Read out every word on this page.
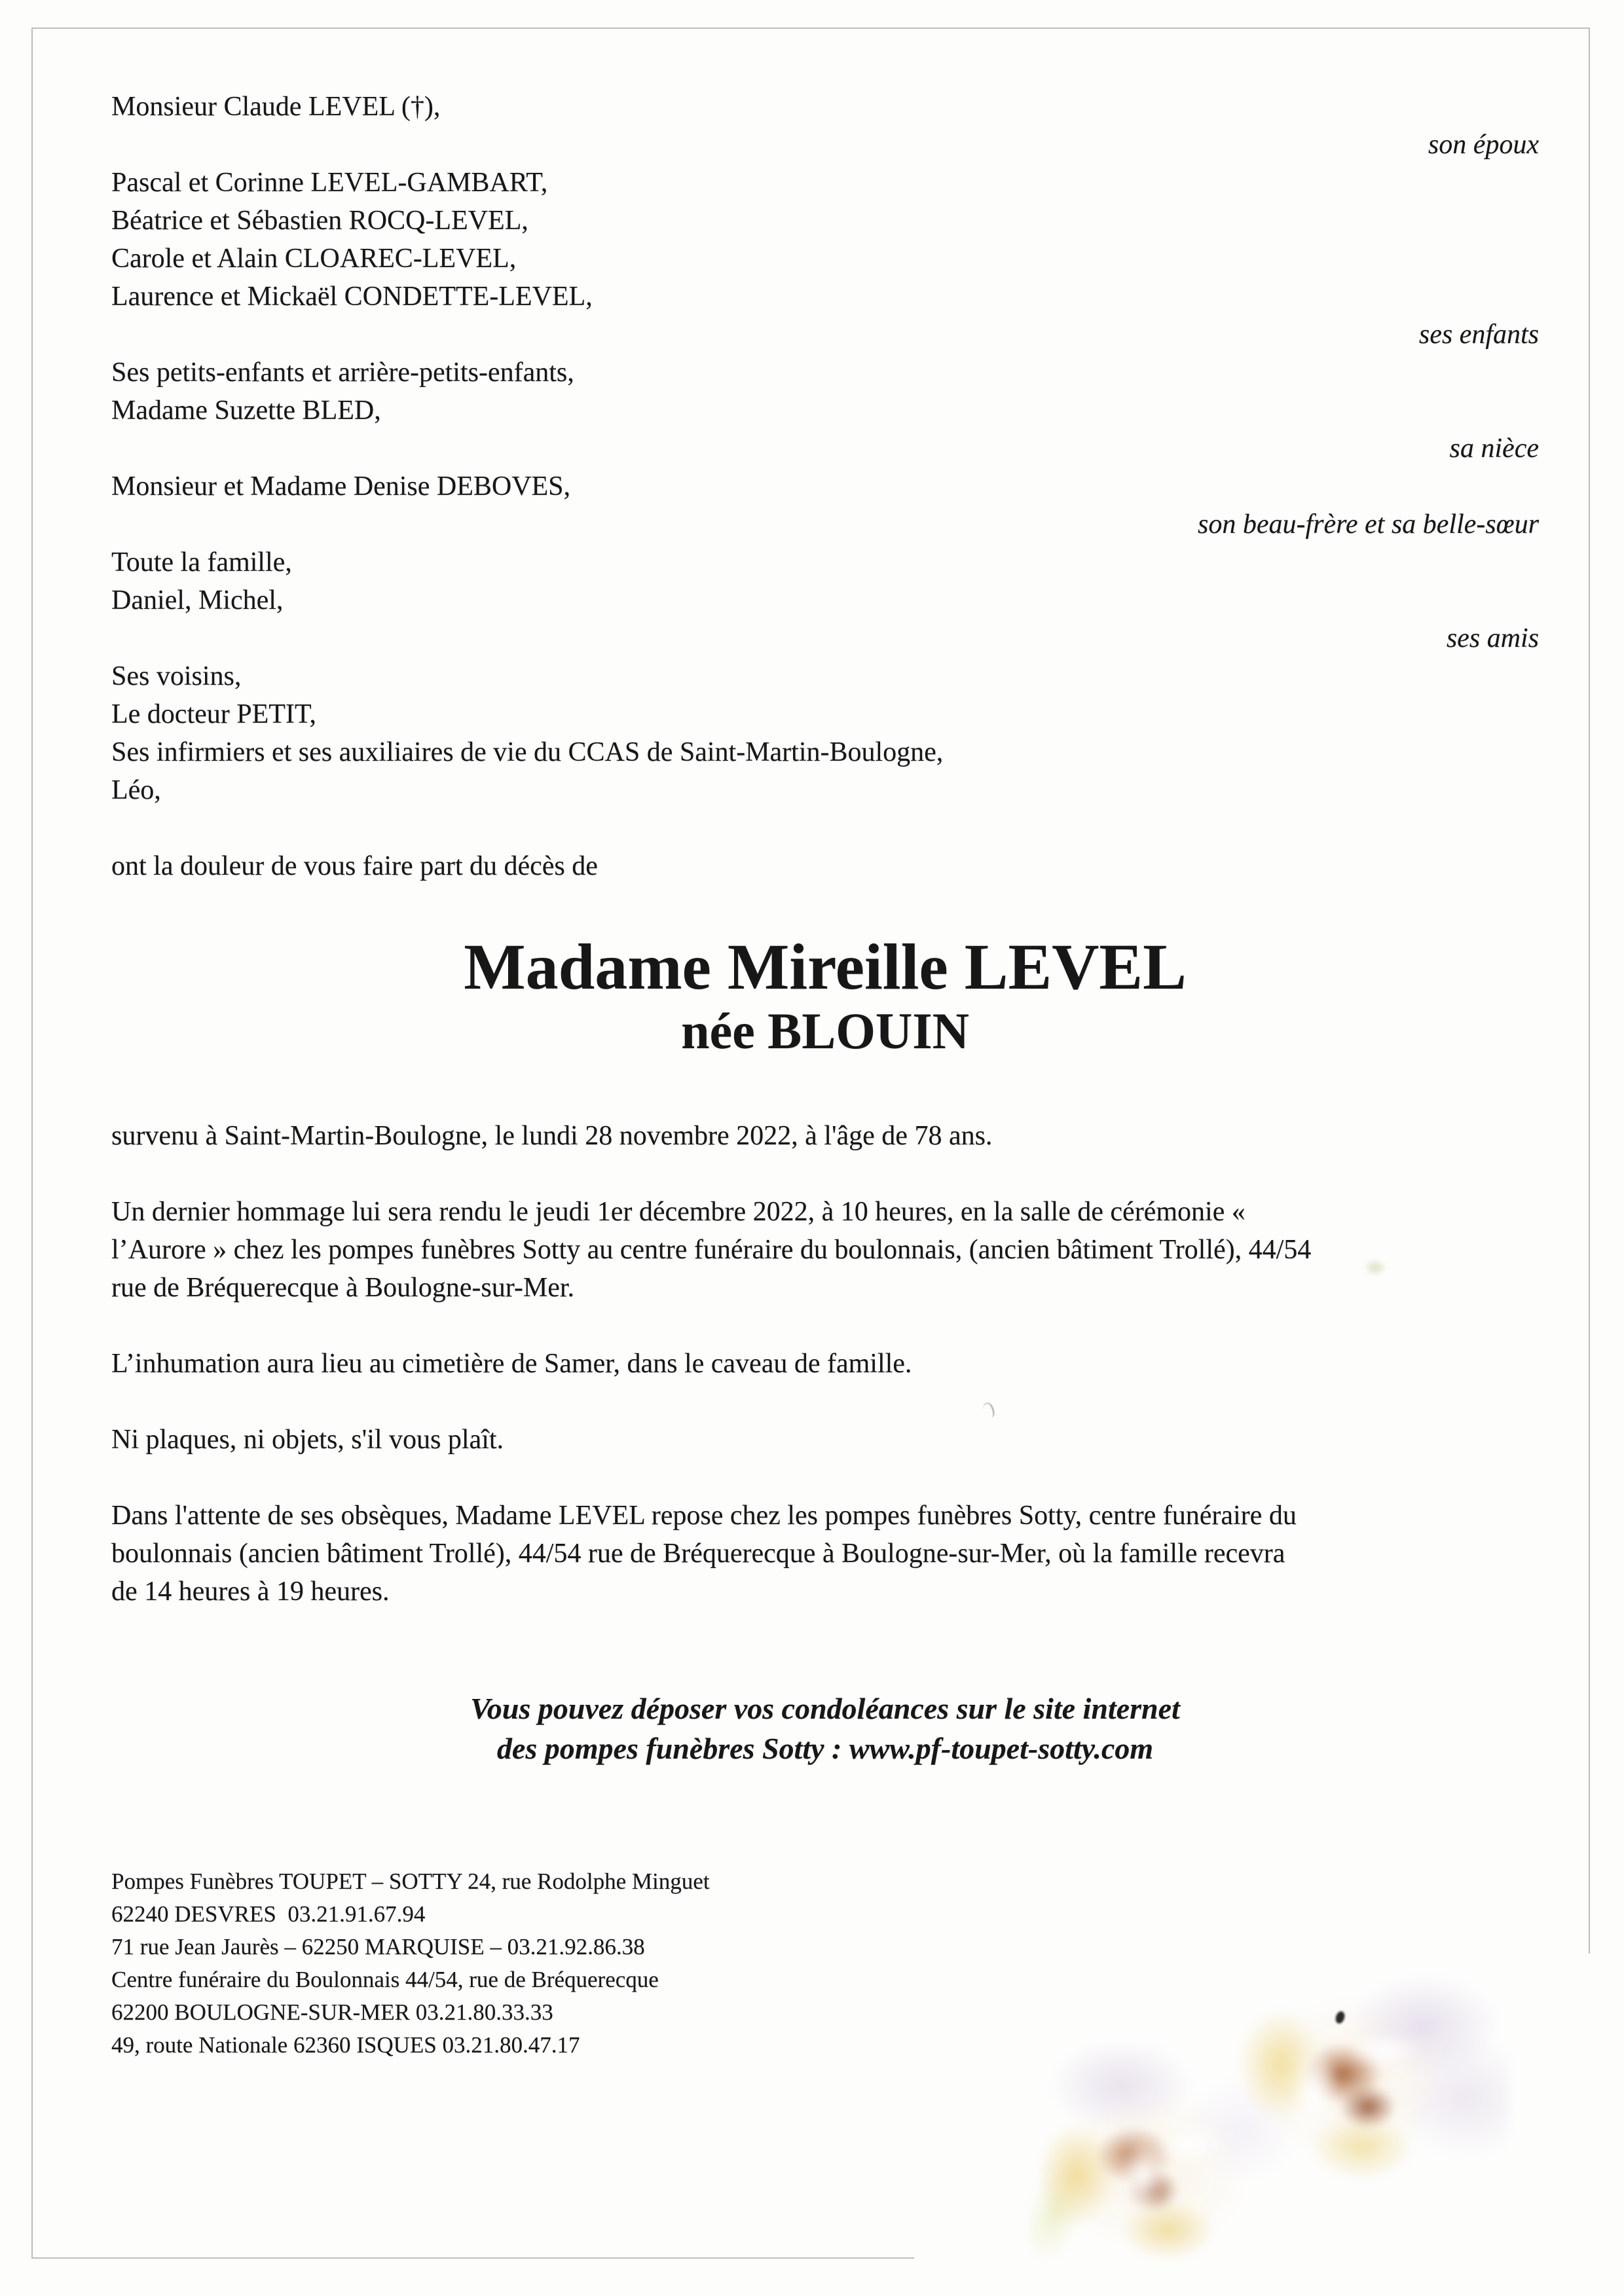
Monsieur Claude LEVEL (†),
son époux
Pascal et Corinne LEVEL-GAMBART,
Béatrice et Sébastien ROCQ-LEVEL,
Carole et Alain CLOAREC-LEVEL,
Laurence et Mickaël CONDETTE-LEVEL,
ses enfants
Ses petits-enfants et arrière-petits-enfants,
Madame Suzette BLED,
sa nièce
Monsieur et Madame Denise DEBOVES,
son beau-frère et sa belle-sœur
Toute la famille,
Daniel, Michel,
ses amis
Ses voisins,
Le docteur PETIT,
Ses infirmiers et ses auxiliaires de vie du CCAS de Saint-Martin-Boulogne,
Léo,
ont la douleur de vous faire part du décès de
Madame Mireille LEVEL
née BLOUIN
survenu à Saint-Martin-Boulogne, le lundi 28 novembre 2022, à l'âge de 78 ans.
Un dernier hommage lui sera rendu le jeudi 1er décembre 2022, à 10 heures, en la salle de cérémonie «
l’Aurore » chez les pompes funèbres Sotty au centre funéraire du boulonnais, (ancien bâtiment Trollé), 44/54
rue de Bréquerecque à Boulogne-sur-Mer.
L’inhumation aura lieu au cimetière de Samer, dans le caveau de famille.
Ni plaques, ni objets, s'il vous plaît.
Dans l'attente de ses obsèques, Madame LEVEL repose chez les pompes funèbres Sotty, centre funéraire du
boulonnais (ancien bâtiment Trollé), 44/54 rue de Bréquerecque à Boulogne-sur-Mer, où la famille recevra
de 14 heures à 19 heures.
Vous pouvez déposer vos condoléances sur le site internet
des pompes funèbres Sotty : www.pf-toupet-sotty.com
Pompes Funèbres TOUPET – SOTTY 24, rue Rodolphe Minguet
62240 DESVRES  03.21.91.67.94
71 rue Jean Jaurès – 62250 MARQUISE – 03.21.92.86.38
Centre funéraire du Boulonnais 44/54, rue de Bréquerecque
62200 BOULOGNE-SUR-MER 03.21.80.33.33
49, route Nationale 62360 ISQUES 03.21.80.47.17
